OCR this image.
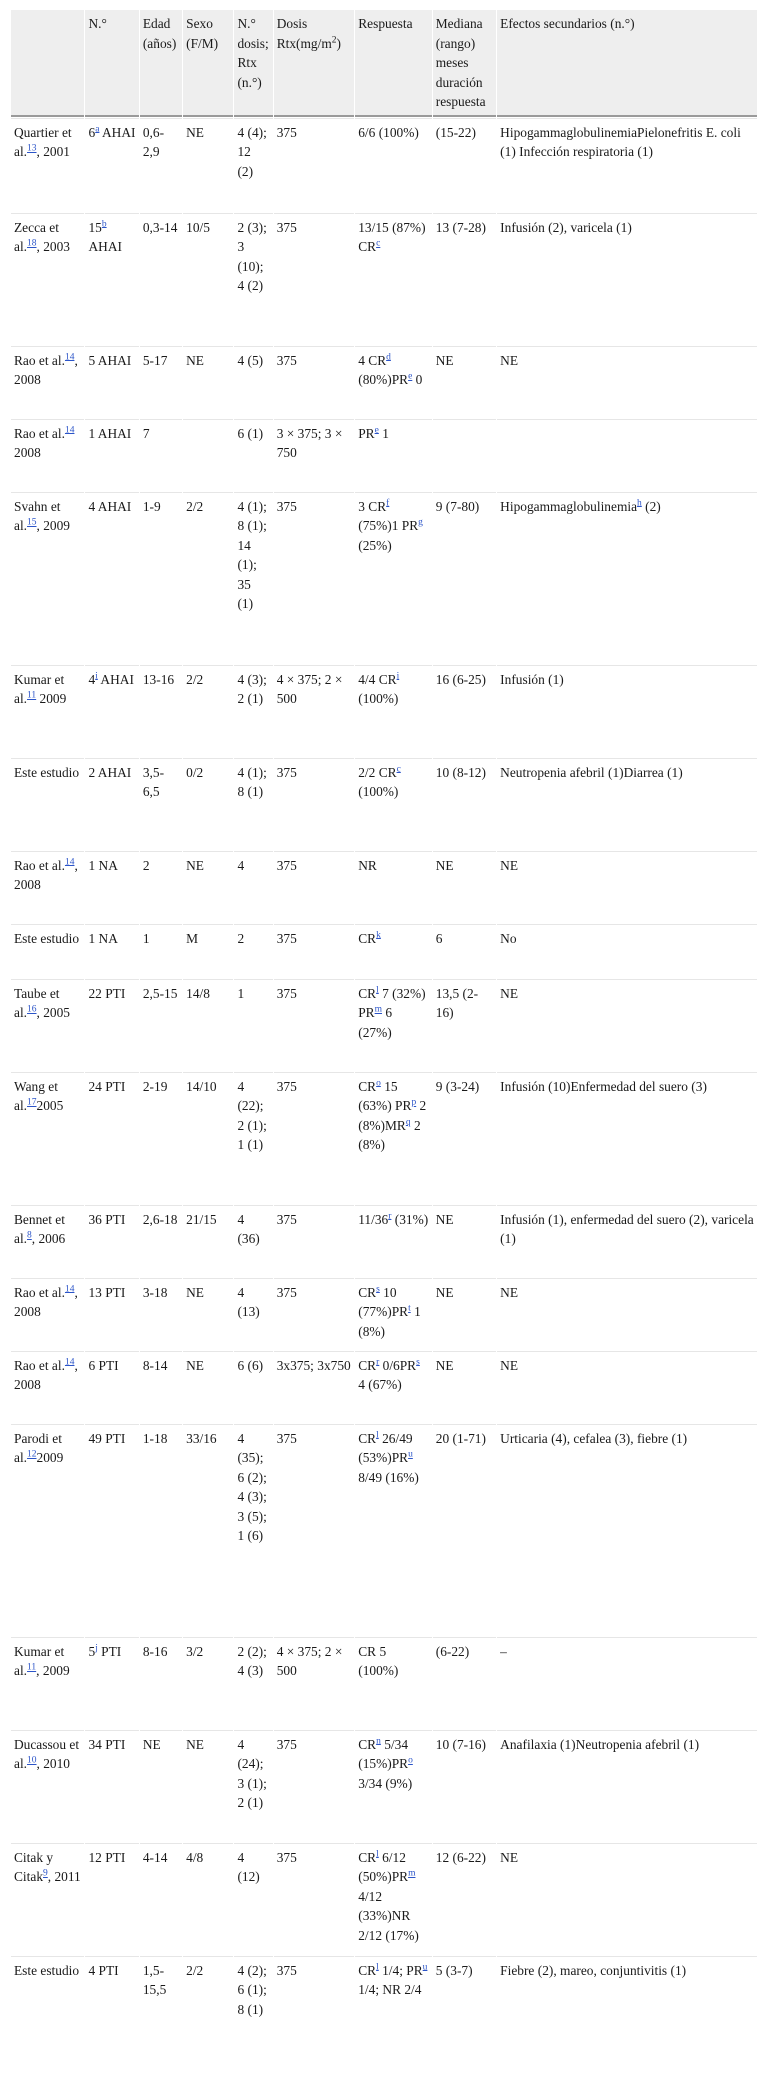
	N.°	Edad (años)	Sexo (F/M)	N.° dosis; Rtx (n.°)	Dosis $Rtx(mg/m^2)$	Respuesta	Mediana (rango) meses duración respuesta	Efectos secundarios (n.°)
Quartier et al.$^{13}$, 2001	6$^a$ AHAI	0,6-2,9	NE	4 (4); 12 (2)	375	6/6 (100%)	(15-22)	HipogammaglobulinemiaPielonefritis E. coli (1) Infección respiratoria (1)
Zecca et al.$^{18}$, 2003	15$^b$ AHAI	0,3-14	10/5	2 (3); 3 (10); 4 (2)	375	13/15 (87%) CR$^c$	13 (7-28)	Infusión (2), varicela (1)
Rao et al.$^{14}$, 2008	5 AHAI	5-17	NE	4 (5)	375	4 CR$^d$ (80%)PR$^e$ 0	NE	NE
Rao et al.$^{14}$ 2008	1 AHAI	7		6 (1)	3 × 375; 3 × 750	PR$^e$ 1		
Svahn et al.$^{15}$, 2009	4 AHAI	1-9	2/2	4 (1); 8 (1); 14 (1); 35 (1)	375	3 CR$^f$ (75%)1 PR$^g$ (25%)	9 (7-80)	Hipogammaglobulinemia$^h$ (2)
Kumar et al.$^{11}$ 2009	4$^i$ AHAI	13-16	2/2	4 (3); 2 (1)	4 × 375; 2 × 500	4/4 CR$^i$ (100%)	16 (6-25)	Infusión (1)
Este estudio	2 AHAI	3,5-6,5	0/2	4 (1); 8 (1)	375	2/2 CR$^c$ (100%)	10 (8-12)	Neutropenia afebril (1)Diarrea (1)
Rao et al.$^{14}$, 2008	1 NA	2	NE	4	375	NR	NE	NE
Este estudio	1 NA	1	M	2	375	CR$^k$	6	No
Taube et al.$^{16}$, 2005	22 PTI	2,5-15	14/8	1	375	CR$^l$ 7 (32%) PR$^m$ 6 (27%)	13,5 (2-16)	NE
Wang et al.$^{17}$2005	24 PTI	2-19	14/10	4 (22); 2 (1); 1 (1)	375	CR$^o$ 15 (63%) PR$^p$ 2 (8%)MR$^q$ 2 (8%)	9 (3-24)	Infusión (10)Enfermedad del suero (3)
Bennet et al.$^8$, 2006	36 PTI	2,6-18	21/15	4 (36)	375	11/36$^r$ (31%)	NE	Infusión (1), enfermedad del suero (2), varicela (1)
Rao et al.$^{14}$, 2008	13 PTI	3-18	NE	4 (13)	375	CR$^s$ 10 (77%)PR$^t$ 1 (8%)	NE	NE
Rao et al.$^{14}$, 2008	6 PTI	8-14	NE	6 (6)	3x375; 3x750	CR$^r$ 0/6PR$^s$ 4 (67%)	NE	NE
Parodi et al.$^{12}$2009	49 PTI	1-18	33/16	4 (35); 6 (2); 4 (3); 3 (5); 1 (6)	375	CR$^l$ 26/49 (53%)PR$^u$ 8/49 (16%)	20 (1-71)	Urticaria (4), cefalea (3), fiebre (1)
Kumar et al.$^{11}$, 2009	5$^j$ PTI	8-16	3/2	2 (2); 4 (3)	4 × 375; 2 × 500	CR 5 (100%)	(6-22)	–
Ducassou et al.$^{10}$, 2010	34 PTI	NE	NE	4 (24); 3 (1); 2 (1)	375	CR$^n$ 5/34 (15%)PR$^o$ 3/34 (9%)	10 (7-16)	Anafilaxia (1)Neutropenia afebril (1)
Citak y Citak$^9$, 2011	12 PTI	4-14	4/8	4 (12)	375	CR$^l$ 6/12 (50%)PR$^m$ 4/12 (33%)NR 2/12 (17%)	12 (6-22)	NE
Este estudio	4 PTI	1,5-15,5	2/2	4 (2); 6 (1); 8 (1)	375	CR$^l$ 1/4; PR$^u$ 1/4; NR 2/4	5 (3-7)	Fiebre (2), mareo, conjuntivitis (1)
